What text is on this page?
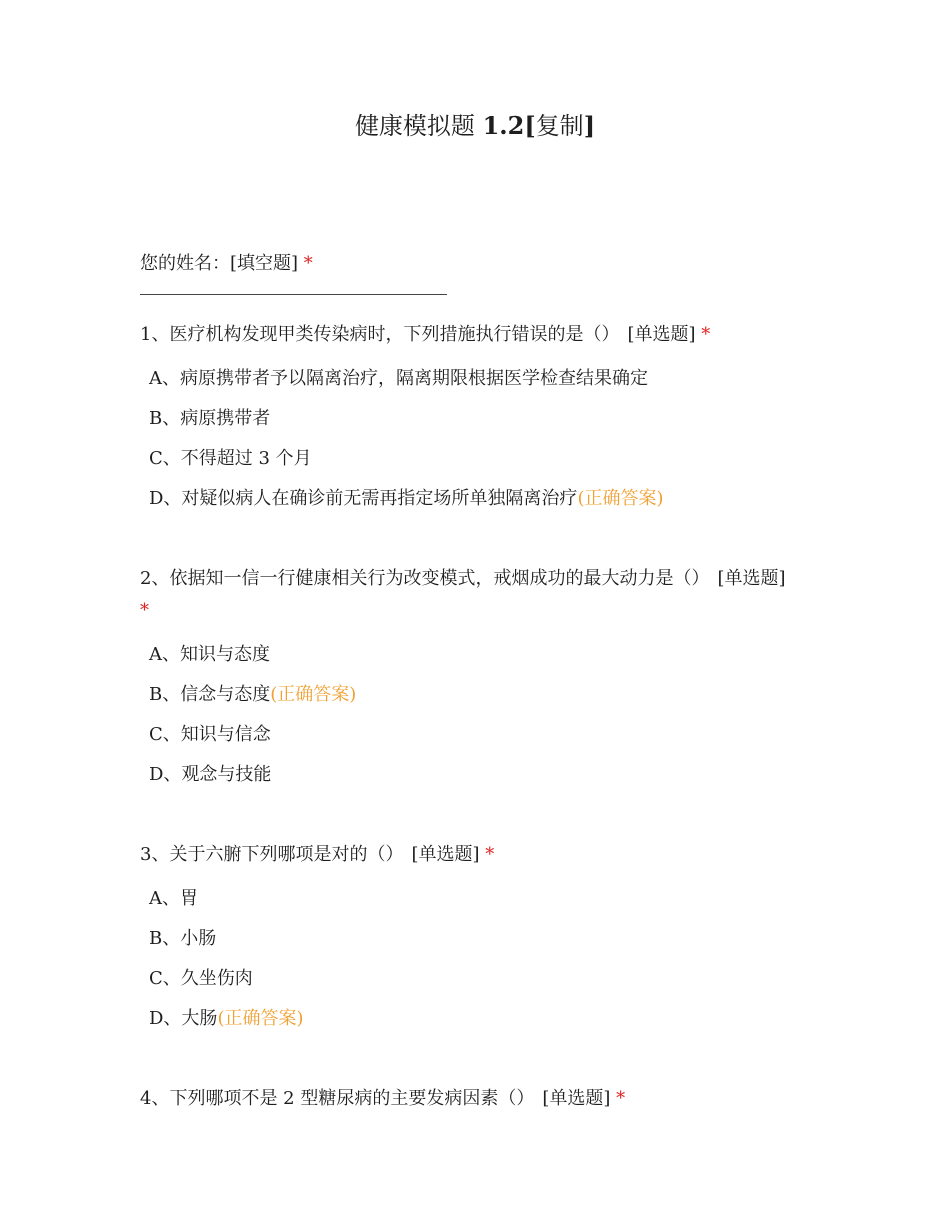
健康模拟题 1.2[复制]
您的姓名：[填空题] *
1、医疗机构发现甲类传染病时，下列措施执行错误的是（） [单选题] *
A、病原携带者予以隔离治疗，隔离期限根据医学检查结果确定
B、病原携带者
C、不得超过 3 个月
D、对疑似病人在确诊前无需再指定场所单独隔离治疗(正确答案)
2、依据知一信一行健康相关行为改变模式，戒烟成功的最大动力是（） [单选题]
*
A、知识与态度
B、信念与态度(正确答案)
C、知识与信念
D、观念与技能
3、关于六腑下列哪项是对的（） [单选题] *
A、胃
B、小肠
C、久坐伤肉
D、大肠(正确答案)
4、下列哪项不是 2 型糖尿病的主要发病因素（） [单选题] *
